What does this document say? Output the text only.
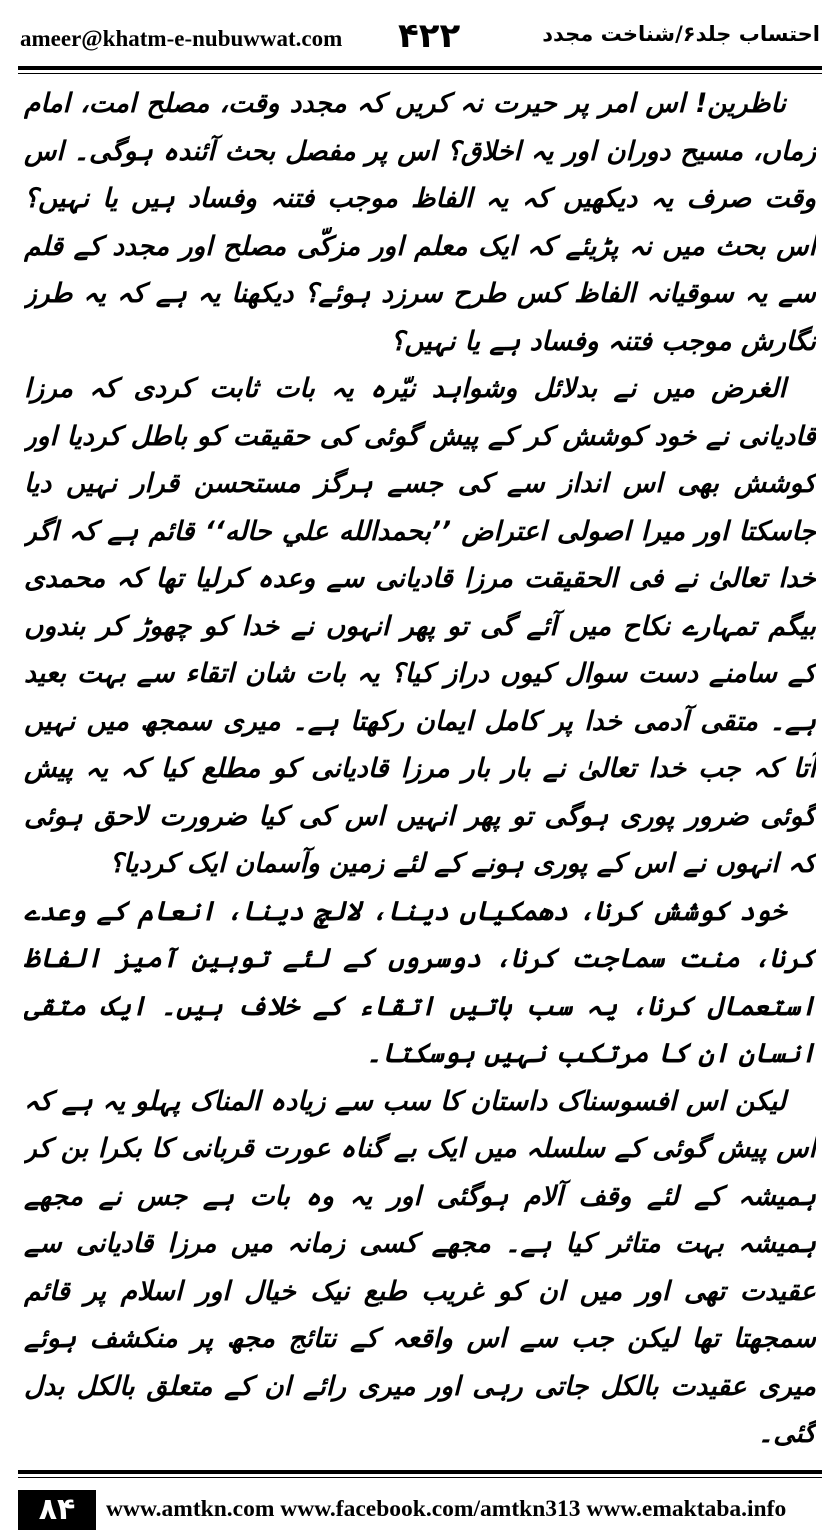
ameer@khatm-e-nubuwwat.com ۴۲۲	احتساب جلد۶/شناخت مجدد

ناظرین! اس امر پر حیرت نہ کریں کہ مجدد وقت، مصلح امت، امام زماں، مسیح دوران اور یہ اخلاق؟ اس پر مفصل بحث آئندہ ہوگی۔ اس وقت صرف یہ دیکھیں کہ یہ الفاظ موجب فتنہ وفساد ہیں یا نہیں؟ اس بحث میں نہ پڑیئے کہ ایک معلم اور مزکّی مصلح اور مجدد کے قلم سے یہ سوقیانہ الفاظ کس طرح سرزد ہوئے؟ دیکھنا یہ ہے کہ یہ طرز نگارش موجب فتنہ وفساد ہے یا نہیں؟

الغرض میں نے بدلائل وشواہد نیّرہ یہ بات ثابت کردی کہ مرزا قادیانی نے خود کوشش کر کے پیش گوئی کی حقیقت کو باطل کردیا اور کوشش بھی اس انداز سے کی جسے ہرگز مستحسن قرار نہیں دیا جاسکتا اور میرا اصولی اعتراض ’’بحمدالله علي حاله‘‘ قائم ہے کہ اگر خدا تعالیٰ نے فی الحقیقت مرزا قادیانی سے وعدہ کرلیا تھا کہ محمدی بیگم تمہارے نکاح میں آئے گی تو پھر انہوں نے خدا کو چھوڑ کر بندوں کے سامنے دست سوال کیوں دراز کیا؟ یہ بات شان اتقاء سے بہت بعید ہے۔ متقی آدمی خدا پر کامل ایمان رکھتا ہے۔ میری سمجھ میں نہیں آتا کہ جب خدا تعالیٰ نے بار بار مرزا قادیانی کو مطلع کیا کہ یہ پیش گوئی ضرور پوری ہوگی تو پھر انہیں اس کی کیا ضرورت لاحق ہوئی کہ انہوں نے اس کے پوری ہونے کے لئے زمین وآسمان ایک کردیا؟

خود کوشش کرنا، دھمکیاں دینا، لالچ دینا، انعام کے وعدے کرنا، منت سماجت کرنا، دوسروں کے لئے توہین آمیز الفاظ استعمال کرنا، یہ سب باتیں اتقاء کے خلاف ہیں۔ ایک متقی انسان ان کا مرتکب نہیں ہوسکتا۔

لیکن اس افسوسناک داستان کا سب سے زیادہ المناک پہلو یہ ہے کہ اس پیش گوئی کے سلسلہ میں ایک بے گناہ عورت قربانی کا بکرا بن کر ہمیشہ کے لئے وقف آلام ہوگئی اور یہ وہ بات ہے جس نے مجھے ہمیشہ بہت متاثر کیا ہے۔ مجھے کسی زمانہ میں مرزا قادیانی سے عقیدت تھی اور میں ان کو غریب طبع نیک خیال اور اسلام پر قائم سمجھتا تھا لیکن جب سے اس واقعہ کے نتائج مجھ پر منکشف ہوئے میری عقیدت بالکل جاتی رہی اور میری رائے ان کے متعلق بالکل بدل گئی۔

۸۴	www.amtkn.com www.facebook.com/amtkn313 www.emaktaba.info
